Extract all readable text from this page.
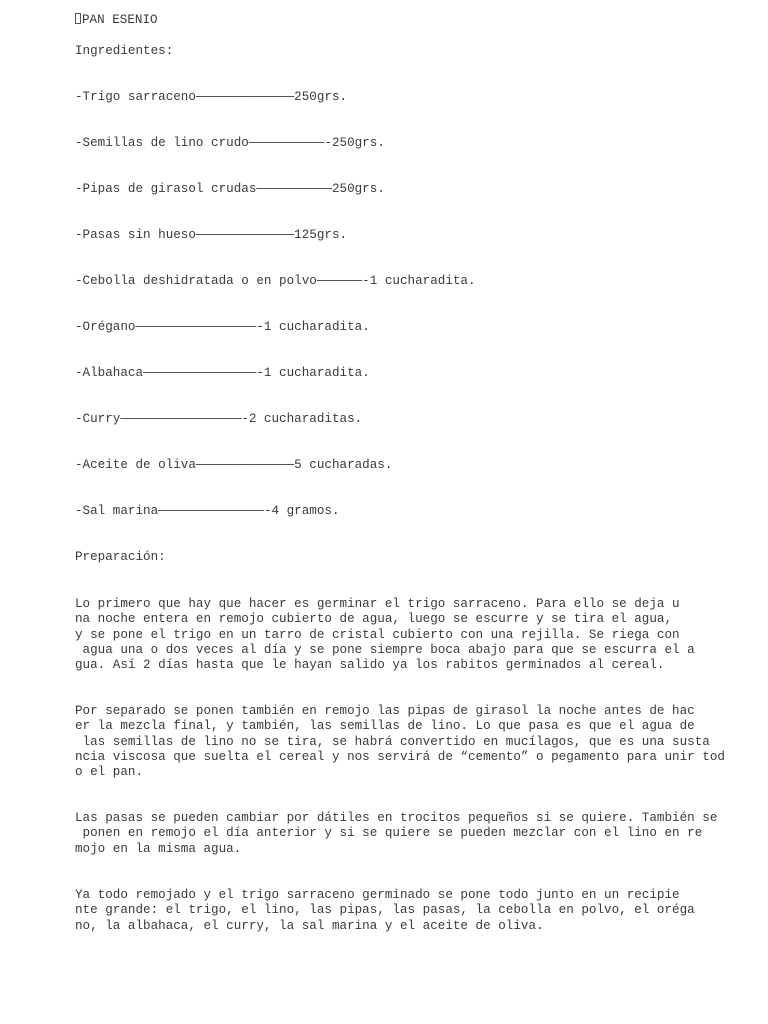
PAN ESENIO

Ingredientes:

-Trigo sarraceno—————————————250grs.

-Semillas de lino crudo——————————-250grs.

-Pipas de girasol crudas——————————250grs.

-Pasas sin hueso—————————————125grs.

-Cebolla deshidratada o en polvo——————-1 cucharadita.

-Orégano————————————————-1 cucharadita.

-Albahaca———————————————-1 cucharadita.

-Curry————————————————-2 cucharaditas.

-Aceite de oliva—————————————5 cucharadas.

-Sal marina——————————————-4 gramos.

Preparación:

Lo primero que hay que hacer es germinar el trigo sarraceno. Para ello se deja u
na noche entera en remojo cubierto de agua, luego se escurre y se tira el agua,
y se pone el trigo en un tarro de cristal cubierto con una rejilla. Se riega con
agua una o dos veces al día y se pone siempre boca abajo para que se escurra el a
gua. Así 2 días hasta que le hayan salido ya los rabitos germinados al cereal.

Por separado se ponen también en remojo las pipas de girasol la noche antes de hac
er la mezcla final, y también, las semillas de lino. Lo que pasa es que el agua de
las semillas de lino no se tira, se habrá convertido en mucílagos, que es una susta
ncia viscosa que suelta el cereal y nos servirá de “cemento” o pegamento para unir tod
o el pan.

Las pasas se pueden cambiar por dátiles en trocitos pequeños si se quiere. También se
ponen en remojo el día anterior y si se quiere se pueden mezclar con el lino en re
mojo en la misma agua.

Ya todo remojado y el trigo sarraceno germinado se pone todo junto en un recipie
nte grande: el trigo, el lino, las pipas, las pasas, la cebolla en polvo, el oréga
no, la albahaca, el curry, la sal marina y el aceite de oliva.
